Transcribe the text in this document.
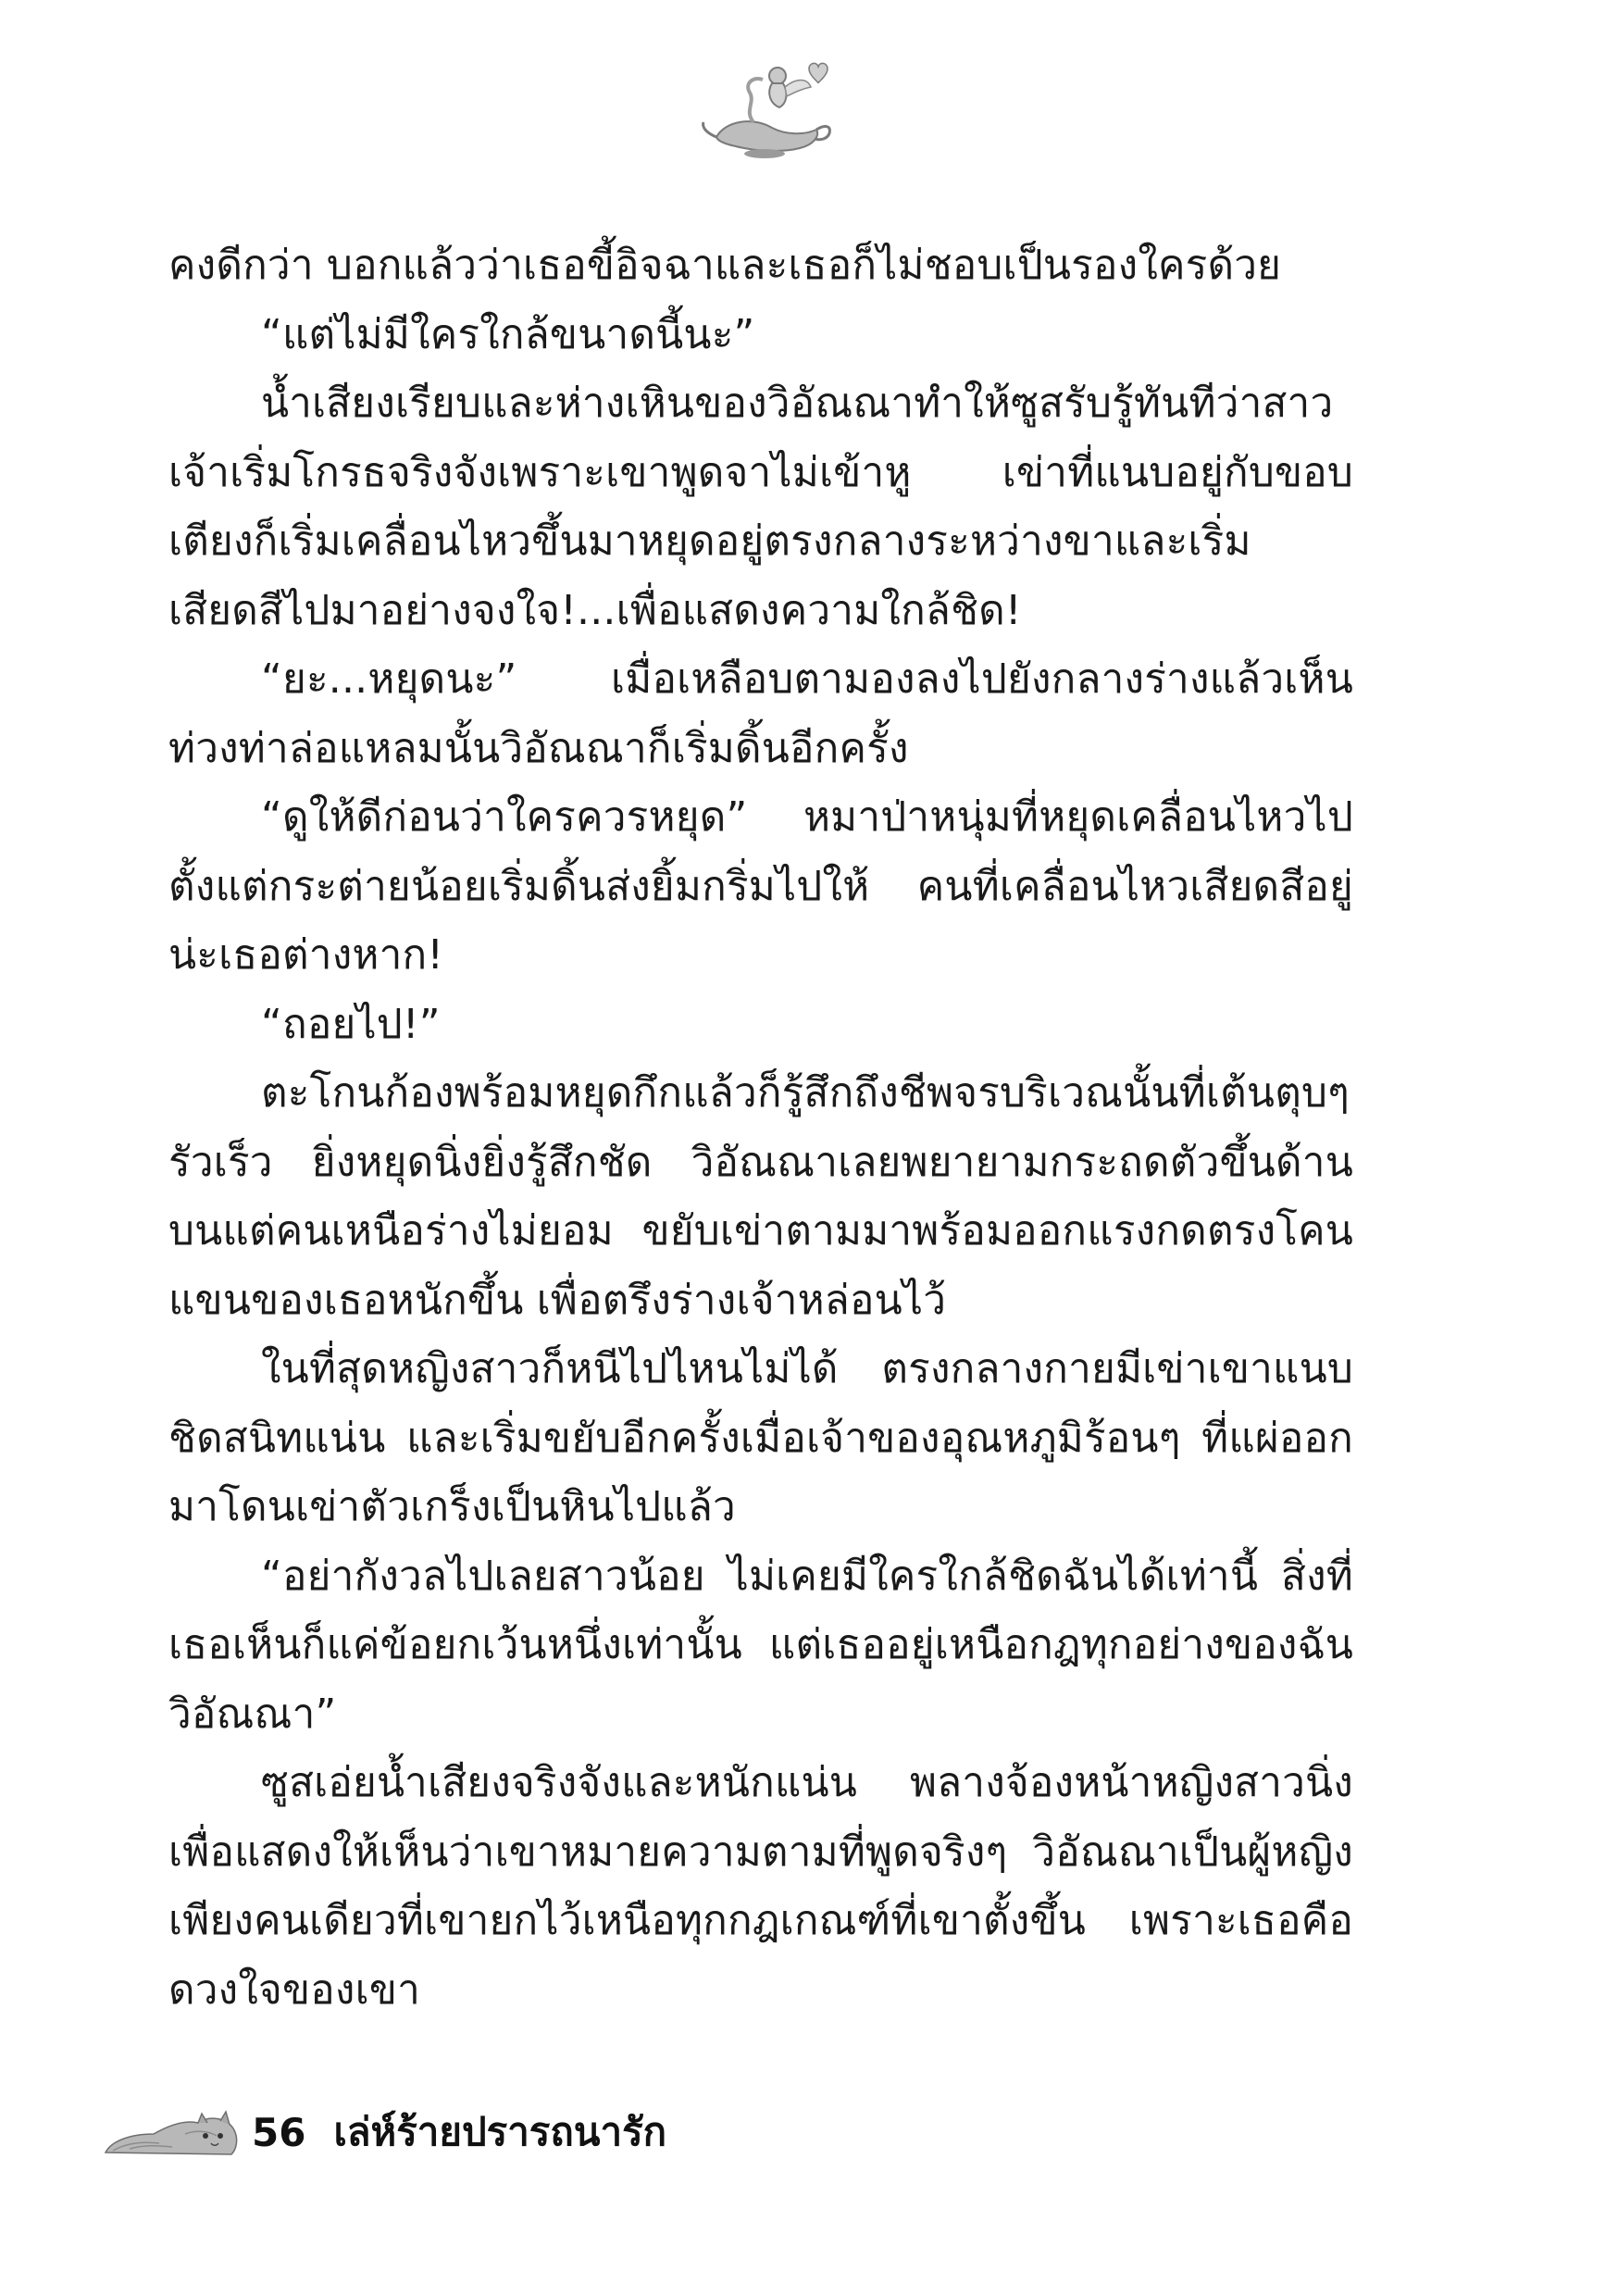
คงดีกว่า บอกแล้วว่าเธอขี้อิจฉาและเธอก็ไม่ชอบเป็นรองใครด้วย

“แต่ไม่มีใครใกล้ขนาดนี้นะ”

น้ำเสียงเรียบและห่างเหินของวิอัณณาทำให้ซูสรับรู้ทันทีว่าสาวเจ้าเริ่มโกรธจริงจังเพราะเขาพูดจาไม่เข้าหู เข่าที่แนบอยู่กับขอบเตียงก็เริ่มเคลื่อนไหวขึ้นมาหยุดอยู่ตรงกลางระหว่างขาและเริ่มเสียดสีไปมาอย่างจงใจ!...เพื่อแสดงความใกล้ชิด!

“ยะ...หยุดนะ” เมื่อเหลือบตามองลงไปยังกลางร่างแล้วเห็นท่วงท่าล่อแหลมนั้นวิอัณณาก็เริ่มดิ้นอีกครั้ง

“ดูให้ดีก่อนว่าใครควรหยุด” หมาป่าหนุ่มที่หยุดเคลื่อนไหวไปตั้งแต่กระต่ายน้อยเริ่มดิ้นส่งยิ้มกริ่มไปให้ คนที่เคลื่อนไหวเสียดสีอยู่น่ะเธอต่างหาก!

“ถอยไป!”

ตะโกนก้องพร้อมหยุดกึกแล้วก็รู้สึกถึงชีพจรบริเวณนั้นที่เต้นตุบๆรัวเร็ว ยิ่งหยุดนิ่งยิ่งรู้สึกชัด วิอัณณาเลยพยายามกระถดตัวขึ้นด้านบนแต่คนเหนือร่างไม่ยอม ขยับเข่าตามมาพร้อมออกแรงกดตรงโคนแขนของเธอหนักขึ้น เพื่อตรึงร่างเจ้าหล่อนไว้

ในที่สุดหญิงสาวก็หนีไปไหนไม่ได้ ตรงกลางกายมีเข่าเขาแนบชิดสนิทแน่น และเริ่มขยับอีกครั้งเมื่อเจ้าของอุณหภูมิร้อนๆ ที่แผ่ออกมาโดนเข่าตัวเกร็งเป็นหินไปแล้ว

“อย่ากังวลไปเลยสาวน้อย ไม่เคยมีใครใกล้ชิดฉันได้เท่านี้ สิ่งที่เธอเห็นก็แค่ข้อยกเว้นหนึ่งเท่านั้น แต่เธออยู่เหนือกฎทุกอย่างของฉันวิอัณณา”

ซูสเอ่ยน้ำเสียงจริงจังและหนักแน่น พลางจ้องหน้าหญิงสาวนิ่งเพื่อแสดงให้เห็นว่าเขาหมายความตามที่พูดจริงๆ วิอัณณาเป็นผู้หญิงเพียงคนเดียวที่เขายกไว้เหนือทุกกฎเกณฑ์ที่เขาตั้งขึ้น เพราะเธอคือดวงใจของเขา

56 เล่ห์ร้ายปรารถนารัก
